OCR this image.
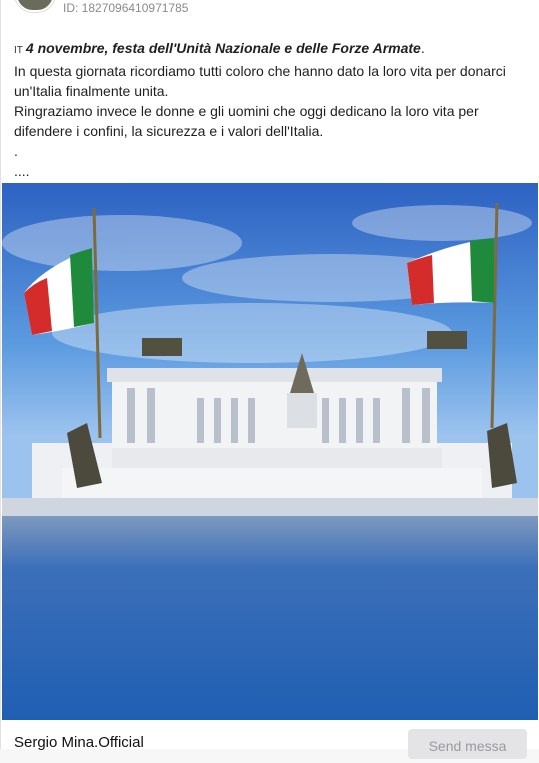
ID: 1827096410971785

IT 4 novembre, festa dell'Unità Nazionale e delle Forze Armate.

In questa giornata ricordiamo tutti coloro che hanno dato la loro vita per donarci un'Italia finalmente unita.

Ringraziamo invece le donne e gli uomini che oggi dedicano la loro vita per difendere i confini, la sicurezza e i valori dell'Italia.

.

....

Sergio Mina.Official	Send messa
